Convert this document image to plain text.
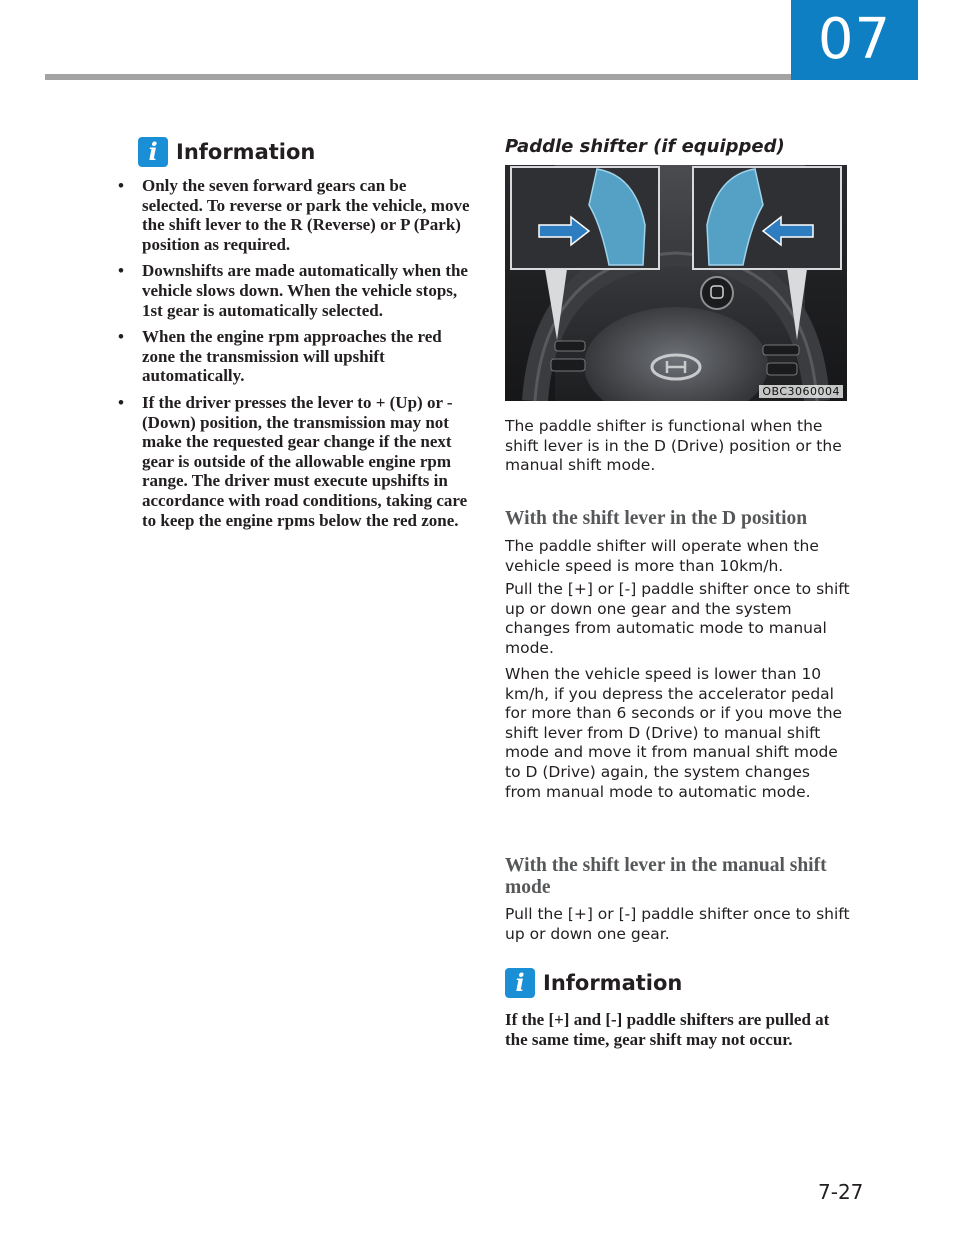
07
i Information
• Only the seven forward gears can be selected. To reverse or park the vehicle, move the shift lever to the R (Reverse) or P (Park) position as required.
• Downshifts are made automatically when the vehicle slows down. When the vehicle stops, 1st gear is automatically selected.
• When the engine rpm approaches the red zone the transmission will upshift automatically.
• If the driver presses the lever to + (Up) or - (Down) position, the transmission may not make the requested gear change if the next gear is outside of the allowable engine rpm range. The driver must execute upshifts in accordance with road conditions, taking care to keep the engine rpms below the red zone.
Paddle shifter (if equipped)
OBC3060004

The paddle shifter is functional when the shift lever is in the D (Drive) position or the manual shift mode.

With the shift lever in the D position

The paddle shifter will operate when the vehicle speed is more than 10km/h.

Pull the [+] or [-] paddle shifter once to shift up or down one gear and the system changes from automatic mode to manual mode.

When the vehicle speed is lower than 10 km/h, if you depress the accelerator pedal for more than 6 seconds or if you move the shift lever from D (Drive) to manual shift mode and move it from manual shift mode to D (Drive) again, the system changes from manual mode to automatic mode.

With the shift lever in the manual shift mode

Pull the [+] or [-] paddle shifter once to shift up or down one gear.

i Information

If the [+] and [-] paddle shifters are pulled at the same time, gear shift may not occur.

7-27
